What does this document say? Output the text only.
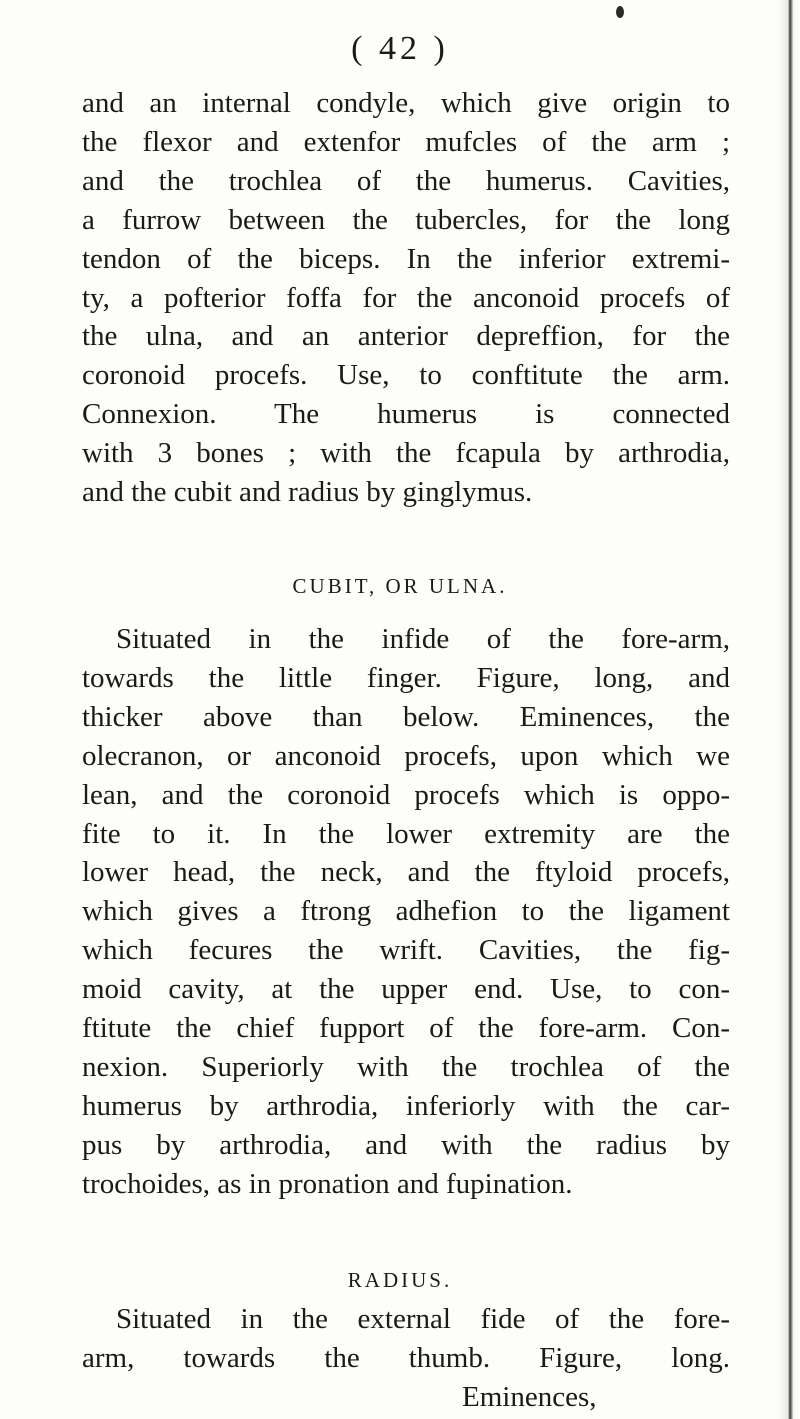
( 42 )
and an internal condyle, which give origin to
the flexor and extenfor mufcles of the arm ;
and the trochlea of the humerus. Cavities,
a furrow between the tubercles, for the long
tendon of the biceps. In the inferior extremi-
ty, a pofterior foffa for the anconoid procefs of
the ulna, and an anterior depreffion, for the
coronoid procefs. Use, to conftitute the arm.
Connexion. The humerus is connected
with 3 bones ; with the fcapula by arthrodia,
and the cubit and radius by ginglymus.
CUBIT, OR ULNA.
Situated in the infide of the fore-arm,
towards the little finger. Figure, long, and
thicker above than below. Eminences, the
olecranon, or anconoid procefs, upon which we
lean, and the coronoid procefs which is oppo-
fite to it. In the lower extremity are the
lower head, the neck, and the ftyloid procefs,
which gives a ftrong adhefion to the ligament
which fecures the wrift. Cavities, the fig-
moid cavity, at the upper end. Use, to con-
ftitute the chief fupport of the fore-arm. Con-
nexion. Superiorly with the trochlea of the
humerus by arthrodia, inferiorly with the car-
pus by arthrodia, and with the radius by
trochoides, as in pronation and fupination.
RADIUS.
Situated in the external fide of the fore-
arm, towards the thumb. Figure, long.
Eminences,
